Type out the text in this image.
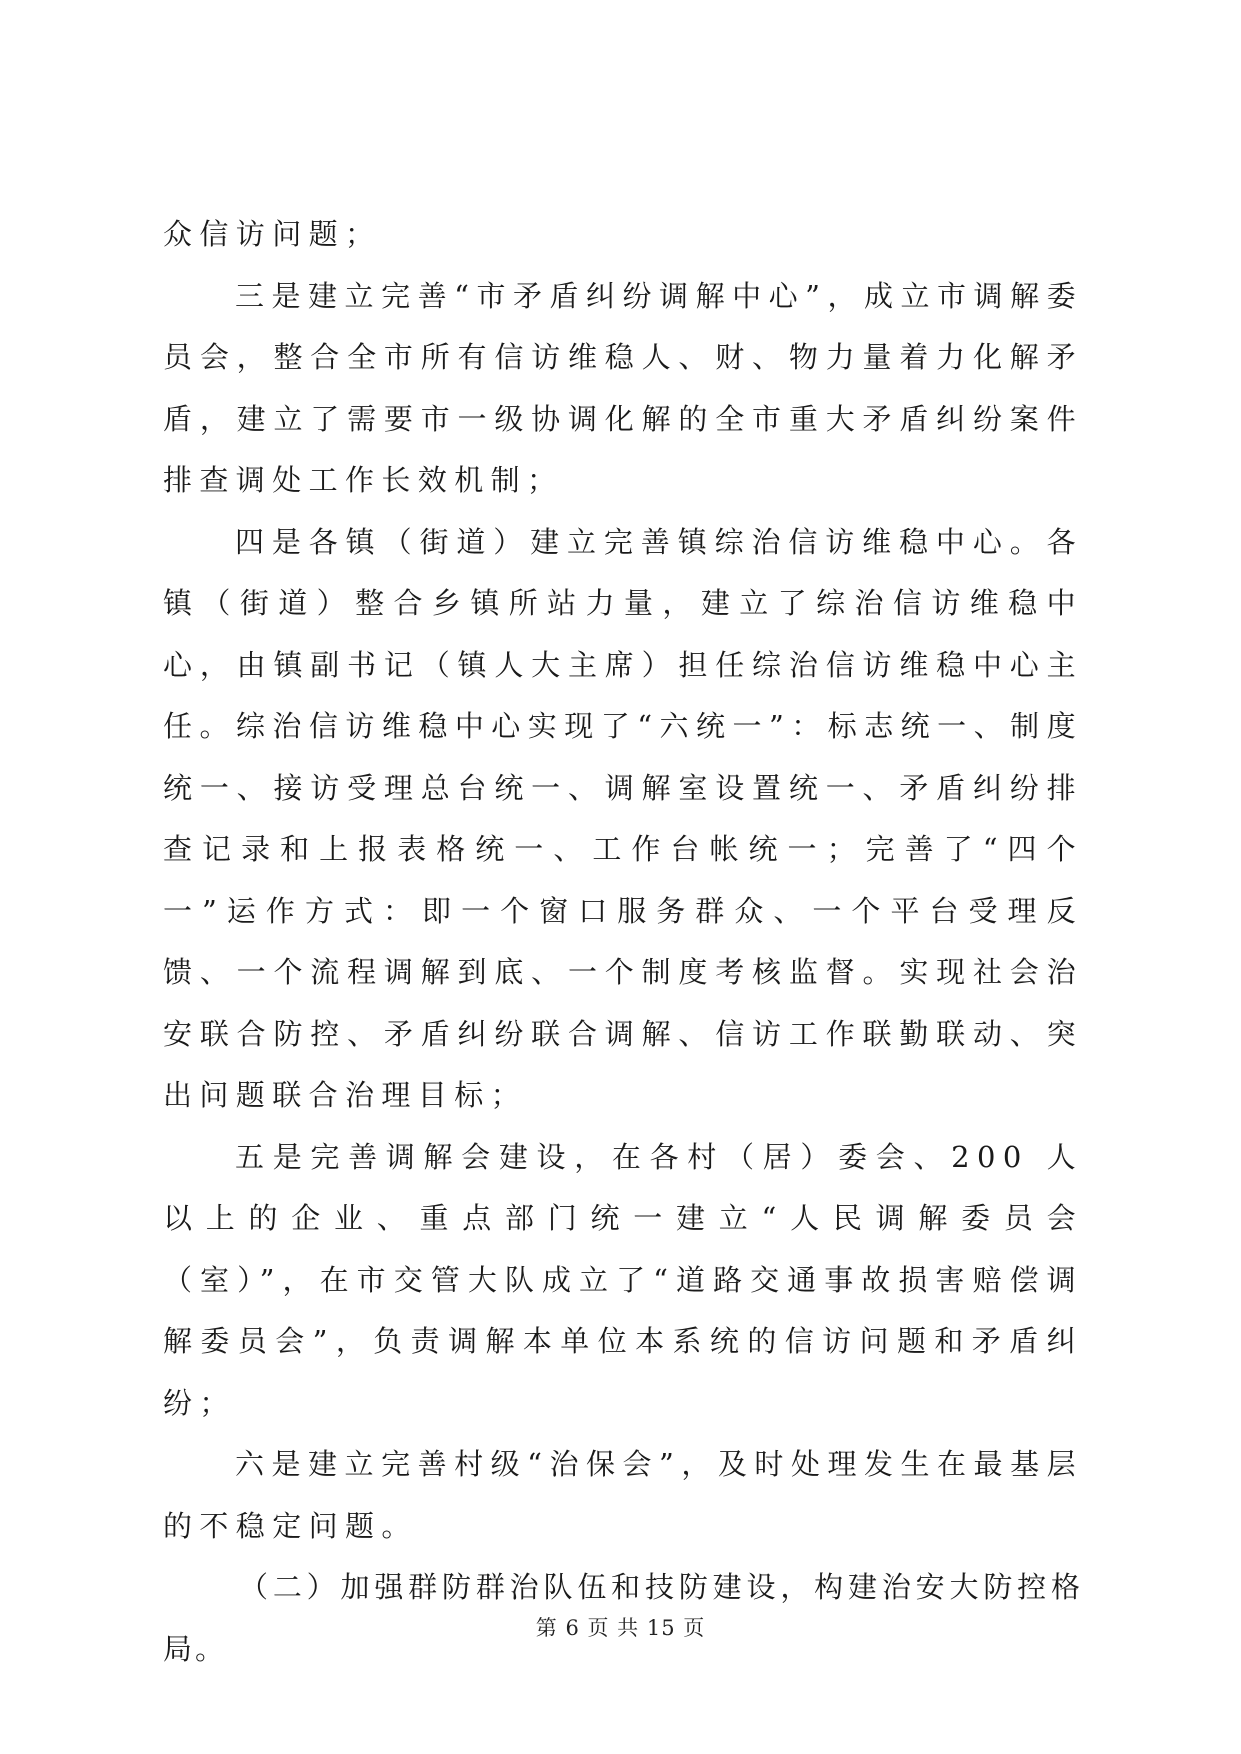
众信访问题；

三是建立完善“市矛盾纠纷调解中心”，成立市调解委员会，整合全市所有信访维稳人、财、物力量着力化解矛盾，建立了需要市一级协调化解的全市重大矛盾纠纷案件排查调处工作长效机制；

四是各镇（街道）建立完善镇综治信访维稳中心。各镇（街道）整合乡镇所站力量，建立了综治信访维稳中心，由镇副书记（镇人大主席）担任综治信访维稳中心主任。综治信访维稳中心实现了“六统一”：标志统一、制度统一、接访受理总台统一、调解室设置统一、矛盾纠纷排查记录和上报表格统一、工作台帐统一；完善了“四个一”运作方式：即一个窗口服务群众、一个平台受理反馈、一个流程调解到底、一个制度考核监督。实现社会治安联合防控、矛盾纠纷联合调解、信访工作联勤联动、突出问题联合治理目标；

五是完善调解会建设，在各村（居）委会、200 人以上的企业、重点部门统一建立“人民调解委员会（室）”，在市交管大队成立了“道路交通事故损害赔偿调解委员会”，负责调解本单位本系统的信访问题和矛盾纠纷；

六是建立完善村级“治保会”，及时处理发生在最基层的不稳定问题。

（二）加强群防群治队伍和技防建设，构建治安大防控格局。

第 6 页 共 15 页
